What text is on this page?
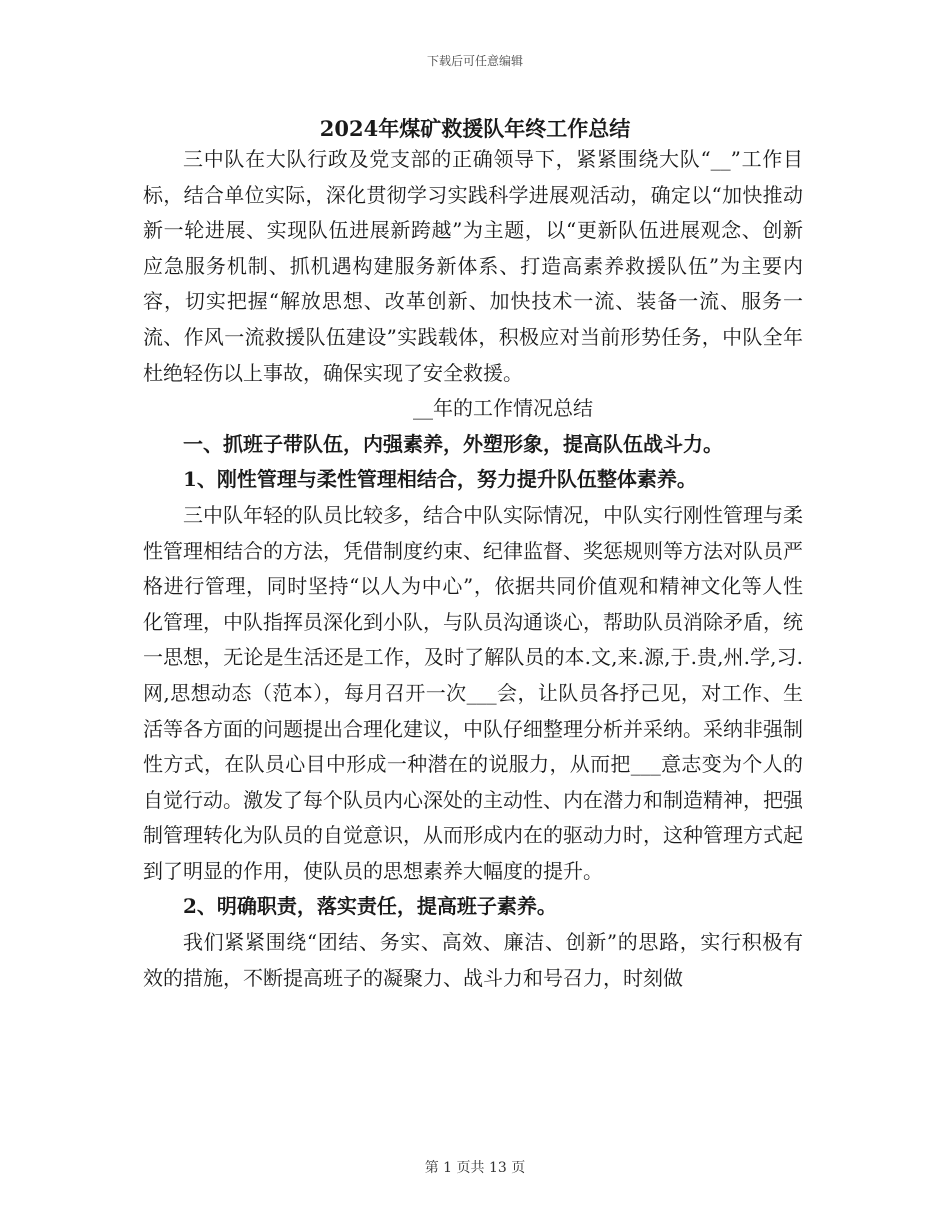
下载后可任意编辑
2024年煤矿救援队年终工作总结

三中队在大队行政及党支部的正确领导下，紧紧围绕大队“__”工作目标，结合单位实际，深化贯彻学习实践科学进展观活动，确定以“加快推动新一轮进展、实现队伍进展新跨越”为主题，以“更新队伍进展观念、创新应急服务机制、抓机遇构建服务新体系、打造高素养救援队伍”为主要内容，切实把握“解放思想、改革创新、加快技术一流、装备一流、服务一流、作风一流救援队伍建设”实践载体，积极应对当前形势任务，中队全年杜绝轻伤以上事故，确保实现了安全救援。

__年的工作情况总结

一、抓班子带队伍，内强素养，外塑形象，提高队伍战斗力。

1、刚性管理与柔性管理相结合，努力提升队伍整体素养。

三中队年轻的队员比较多，结合中队实际情况，中队实行刚性管理与柔性管理相结合的方法，凭借制度约束、纪律监督、奖惩规则等方法对队员严格进行管理，同时坚持“以人为中心”，依据共同价值观和精神文化等人性化管理，中队指挥员深化到小队，与队员沟通谈心，帮助队员消除矛盾，统一思想，无论是生活还是工作，及时了解队员的本.文,来.源,于.贵,州.学,习.网,思想动态（范本），每月召开一次___会，让队员各抒己见，对工作、生活等各方面的问题提出合理化建议，中队仔细整理分析并采纳。采纳非强制性方式，在队员心目中形成一种潜在的说服力，从而把___意志变为个人的自觉行动。激发了每个队员内心深处的主动性、内在潜力和制造精神，把强制管理转化为队员的自觉意识，从而形成内在的驱动力时，这种管理方式起到了明显的作用，使队员的思想素养大幅度的提升。

2、明确职责，落实责任，提高班子素养。

我们紧紧围绕“团结、务实、高效、廉洁、创新”的思路，实行积极有效的措施，不断提高班子的凝聚力、战斗力和号召力，时刻做

第 1 页共 13 页
